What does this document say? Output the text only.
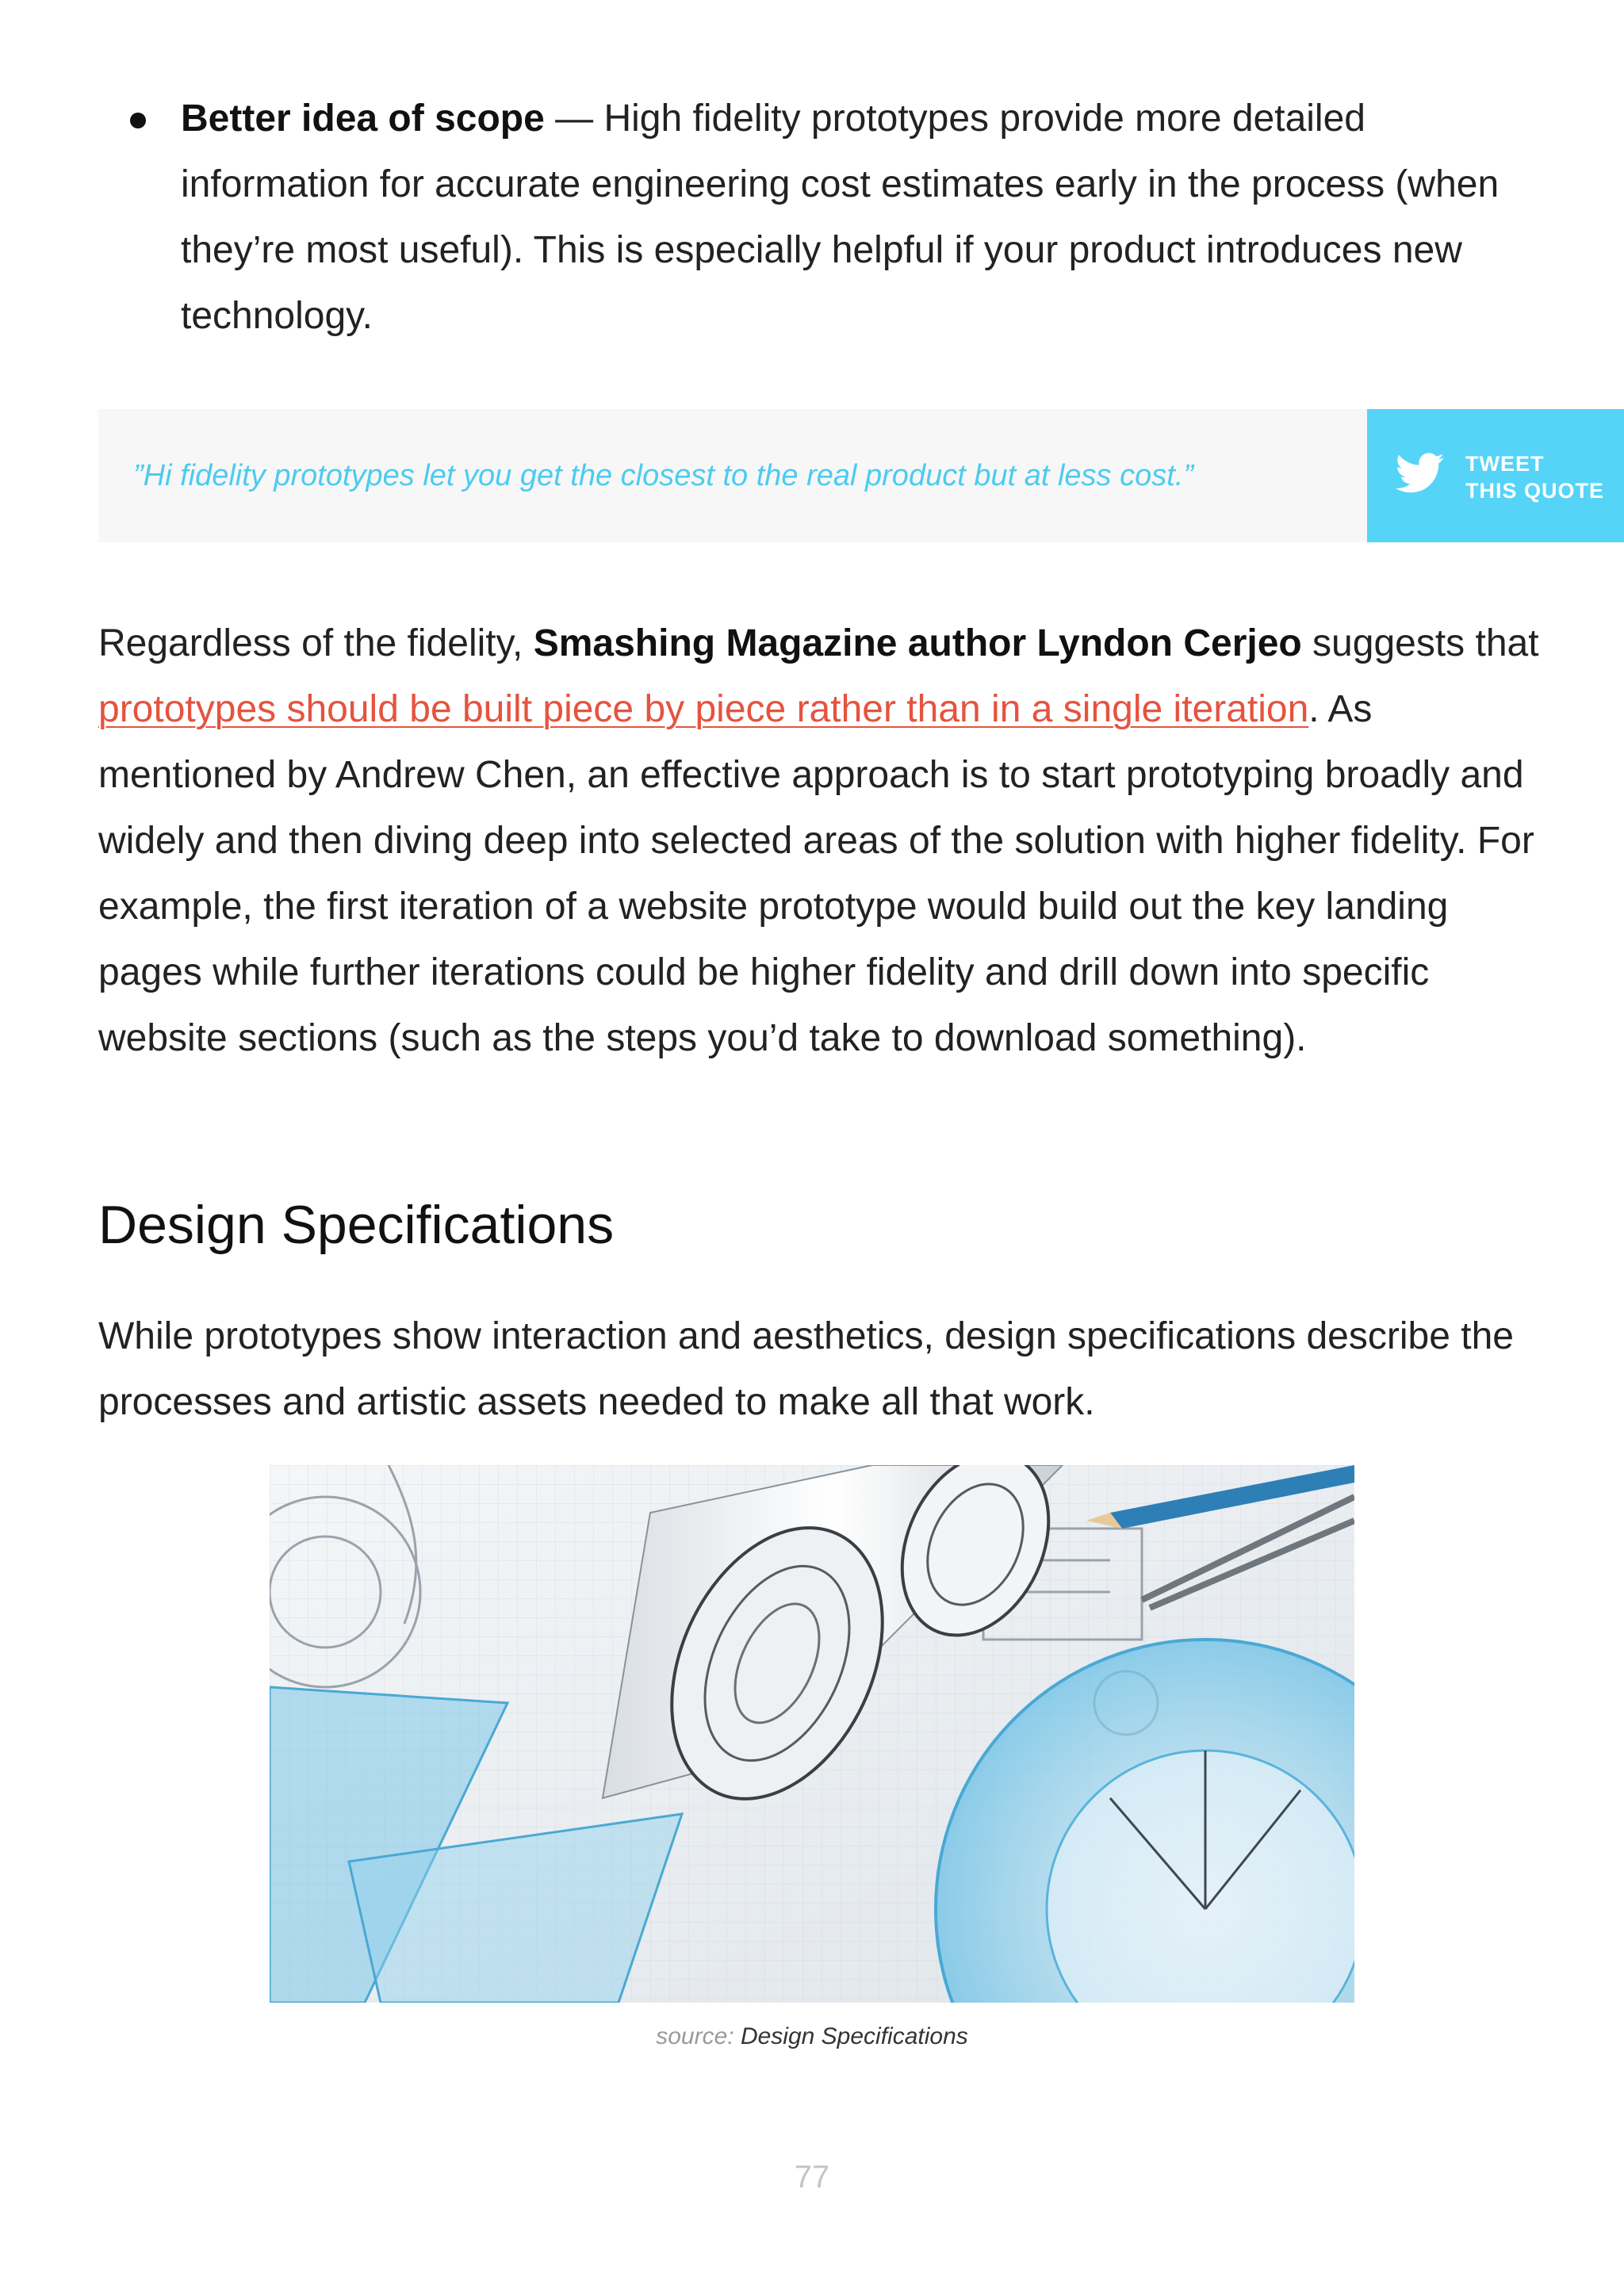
Better idea of scope — High fidelity prototypes provide more detailed information for accurate engineering cost estimates early in the process (when they’re most useful). This is especially helpful if your product introduces new technology.
”Hi fidelity prototypes let you get the closest to the real product but at less cost.”	TWEET
THIS QUOTE

Regardless of the fidelity, Smashing Magazine author Lyndon Cerjeo suggests that prototypes should be built piece by piece rather than in a single iteration. As mentioned by Andrew Chen, an effective approach is to start prototyping broadly and widely and then diving deep into selected areas of the solution with higher fidelity. For example, the first iteration of a website prototype would build out the key landing pages while further iterations could be higher fidelity and drill down into specific website sections (such as the steps you’d take to download something).

Design Specifications

While prototypes show interaction and aesthetics, design specifications describe the processes and artistic assets needed to make all that work.

source: Design Specifications
77
